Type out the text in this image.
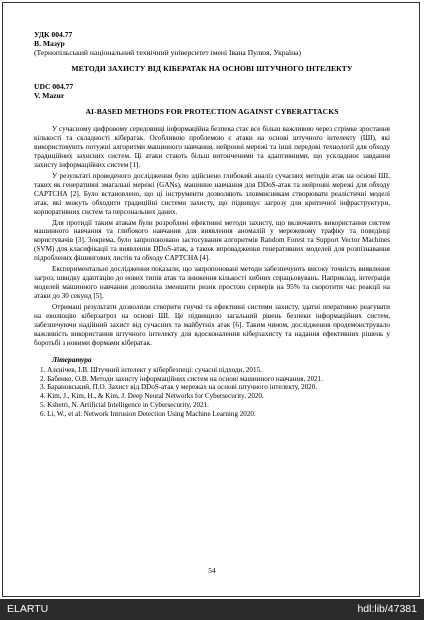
УДК 004.77
В. Мазур
(Тернопільський національний технічний університет імені Івана Пулюя, Україна)
МЕТОДИ ЗАХИСТУ ВІД КІБЕРАТАК НА ОСНОВІ ШТУЧНОГО ІНТЕЛЕКТУ
UDC 004.77
V. Mazur
AI-BASED METHODS FOR PROTECTION AGAINST CYBERATTACKS

У сучасному цифровому середовищі інформаційна безпека стає все більш важливою через стрімке зростання кількості та складності кібератак. Особливою проблемою є атаки на основі штучного інтелекту (ШІ), які використовують потужні алгоритми машинного навчання, нейронні мережі та інші передові технології для обходу традиційних захисних систем. Ці атаки стають більш витонченими та адаптивними, що ускладнює завдання захисту інформаційних систем [1].

У результаті проведеного дослідження було здійснено глибокий аналіз сучасних методів атак на основі ШІ, таких як генеративні змагальні мережі (GANs), машинне навчання для DDoS-атак та нейронні мережі для обходу CAPTCHA [2]. Було встановлено, що ці інструменти дозволяють зловмисникам створювати реалістичні моделі атак, які можуть обходити традиційні системи захисту, що підвищує загрозу для критичної інфраструктури, корпоративних систем та персональних даних.

Для протидії таким атакам були розроблені ефективні методи захисту, що включають використання систем машинного навчання та глибокого навчання для виявлення аномалій у мережевому трафіку та поведінці користувачів [3]. Зокрема, було запропоновано застосування алгоритмів Random Forest та Support Vector Machines (SVM) для класифікації та виявлення DDoS-атак, а також впровадження генеративних моделей для розпізнавання підроблених фішингових листів та обходу CAPTCHA [4].

Експериментальні дослідження показали, що запропоновані методи забезпечують високу точність виявлення загроз, швидку адаптацію до нових типів атак та зниження кількості хибних спрацьовувань. Наприклад, інтеграція моделей машинного навчання дозволила зменшити ризик простою серверів на 95% та скоротити час реакції на атаки до 30 секунд [5].

Отримані результати дозволили створити гнучкі та ефективні системи захисту, здатні оперативно реагувати на еволюцію кіберзагроз на основі ШІ. Це підвищило загальний рівень безпеки інформаційних систем, забезпечуючи надійний захист від сучасних та майбутніх атак [6]. Таким чином, дослідження продемонструвало важливість використання штучного інтелекту для вдосконалення кіберзахисту та надання ефективних рішень у боротьбі з новими формами кібератак.

Література
1. Алєнічев, І.В. Штучний інтелект у кібербезпеці: сучасні підходи, 2015.
2. Бабенко, О.В. Методи захисту інформаційних систем на основі машинного навчання, 2021.
3. Барановський, П.О. Захист від DDoS-атак у мережах на основі штучного інтелекту, 2020.
4. Kim, J., Kim, H., & Kim, J. Deep Neural Networks for Cybersecurity, 2020.
5. Kshetri, N. Artificial Intelligence in Cybersecurity, 2021.
6. Li, W., et al. Network Intrusion Detection Using Machine Learning 2020.
54
ELARTU	hdl:lib/47381
